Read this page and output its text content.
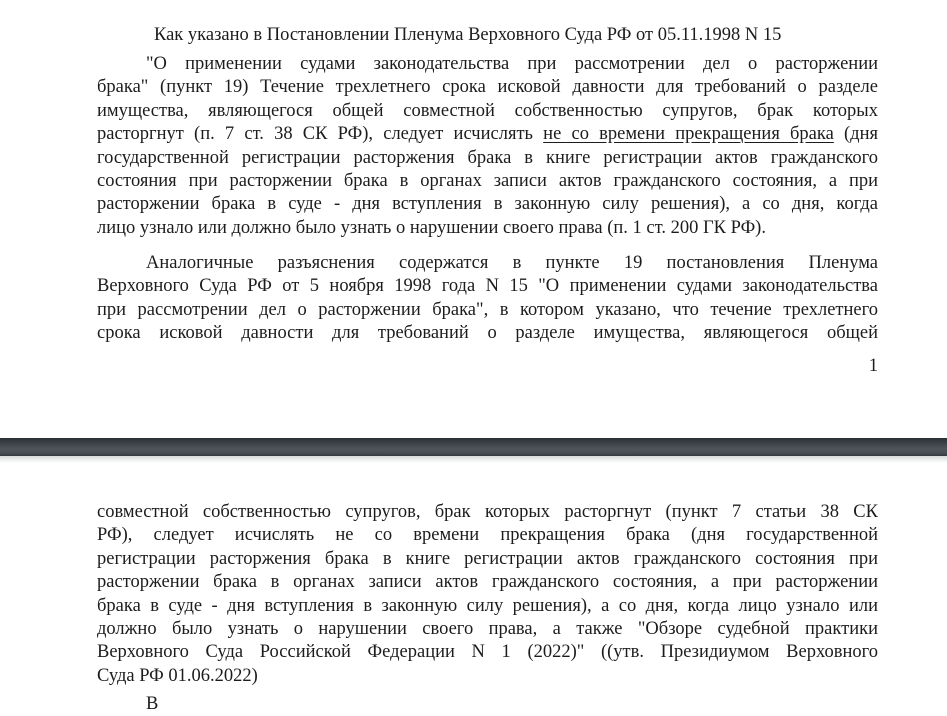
Как указано в Постановлении Пленума Верховного Суда РФ от 05.11.1998 N 15
"О применении судами законодательства при рассмотрении дел о расторжении
брака" (пункт 19) Течение трехлетнего срока исковой давности для требований о разделе
имущества, являющегося общей совместной собственностью супругов, брак которых
расторгнут (п. 7 ст. 38 СК РФ), следует исчислять не со времени прекращения брака (дня
государственной регистрации расторжения брака в книге регистрации актов гражданского
состояния при расторжении брака в органах записи актов гражданского состояния, а при
расторжении брака в суде - дня вступления в законную силу решения), а со дня, когда
лицо узнало или должно было узнать о нарушении своего права (п. 1 ст. 200 ГК РФ).
Аналогичные разъяснения содержатся в пункте 19 постановления Пленума
Верховного Суда РФ от 5 ноября 1998 года N 15 "О применении судами законодательства
при рассмотрении дел о расторжении брака", в котором указано, что течение трехлетнего
срока исковой давности для требований о разделе имущества, являющегося общей
1
совместной собственностью супругов, брак которых расторгнут (пункт 7 статьи 38 СК
РФ), следует исчислять не со времени прекращения брака (дня государственной
регистрации расторжения брака в книге регистрации актов гражданского состояния при
расторжении брака в органах записи актов гражданского состояния, а при расторжении
брака в суде - дня вступления в законную силу решения), а со дня, когда лицо узнало или
должно было узнать о нарушении своего права, а также "Обзоре судебной практики
Верховного Суда Российской Федерации N 1 (2022)" ((утв. Президиумом Верховного
Суда РФ 01.06.2022)
В
